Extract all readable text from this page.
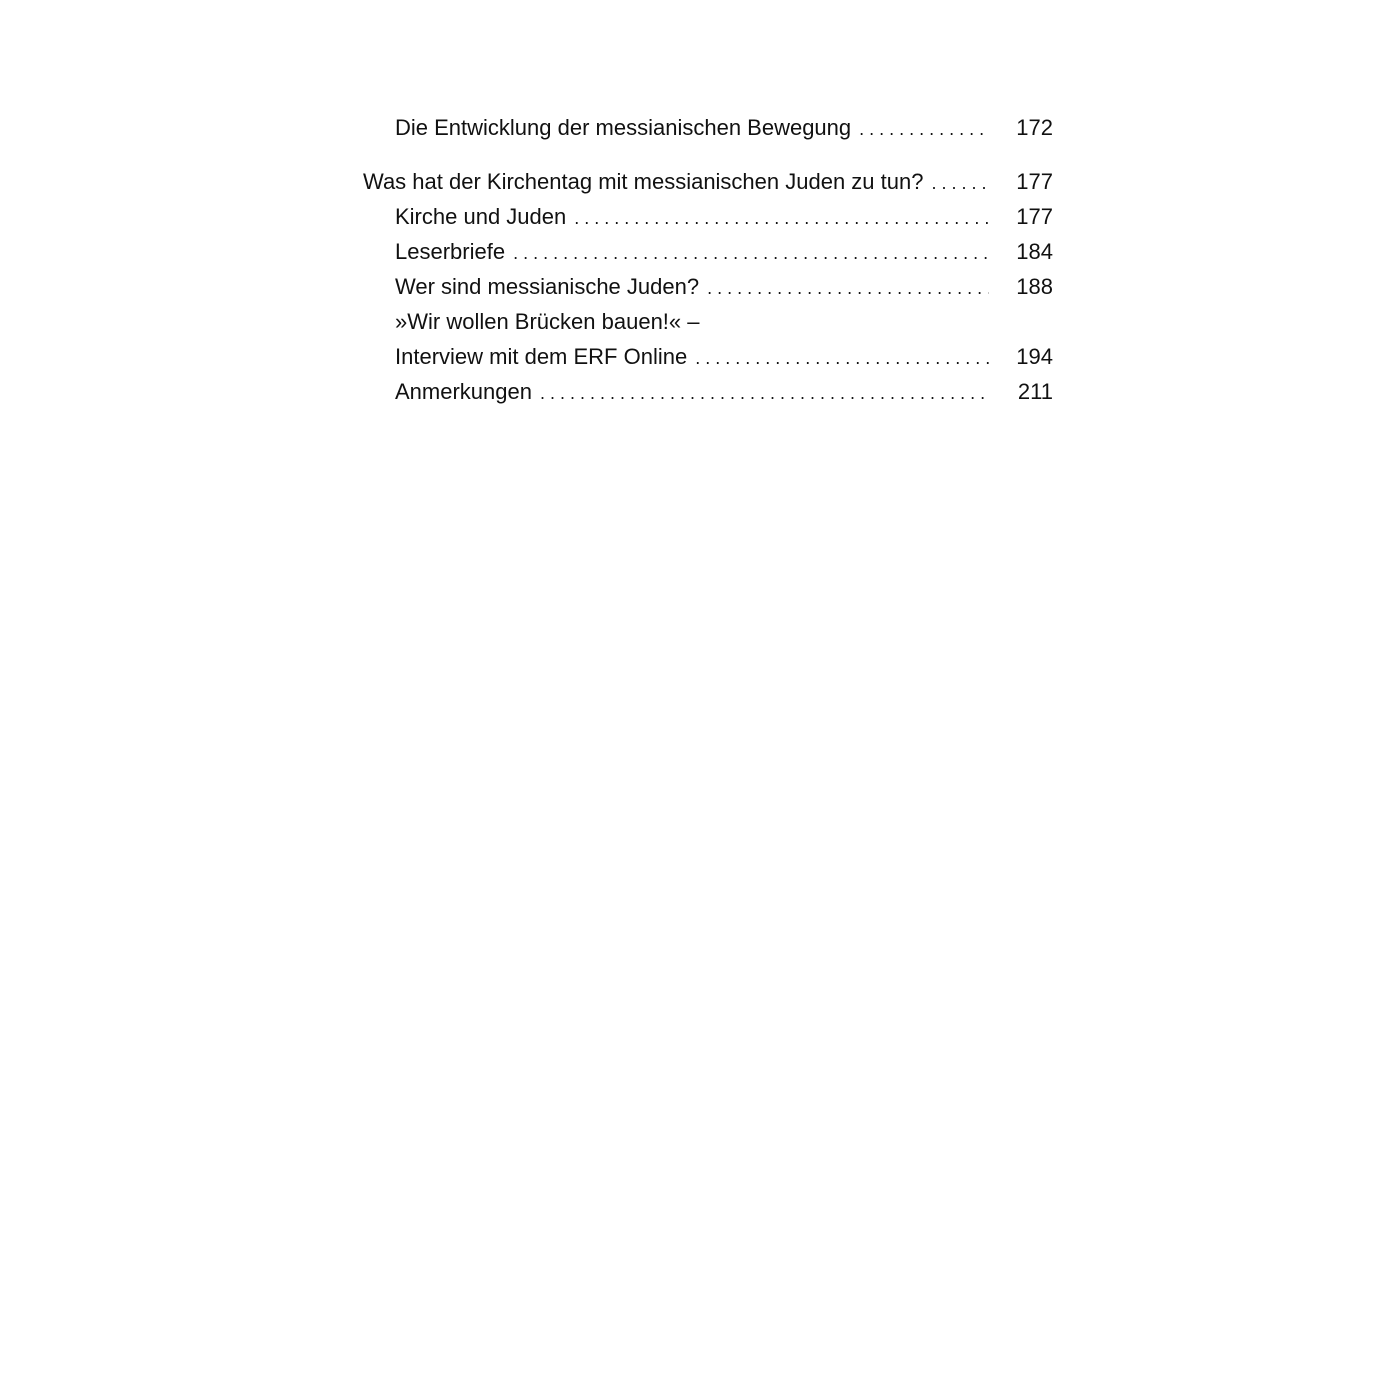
Die Entwicklung der messianischen Bewegung . . .	172
Was hat der Kirchentag mit messianischen Juden zu tun? . . .	177
Kirche und Juden . . .	177
Leserbriefe . . .	184
Wer sind messianische Juden? . . .	188
»Wir wollen Brücken bauen!« –
Interview mit dem ERF Online . . .	194
Anmerkungen . . .	211
